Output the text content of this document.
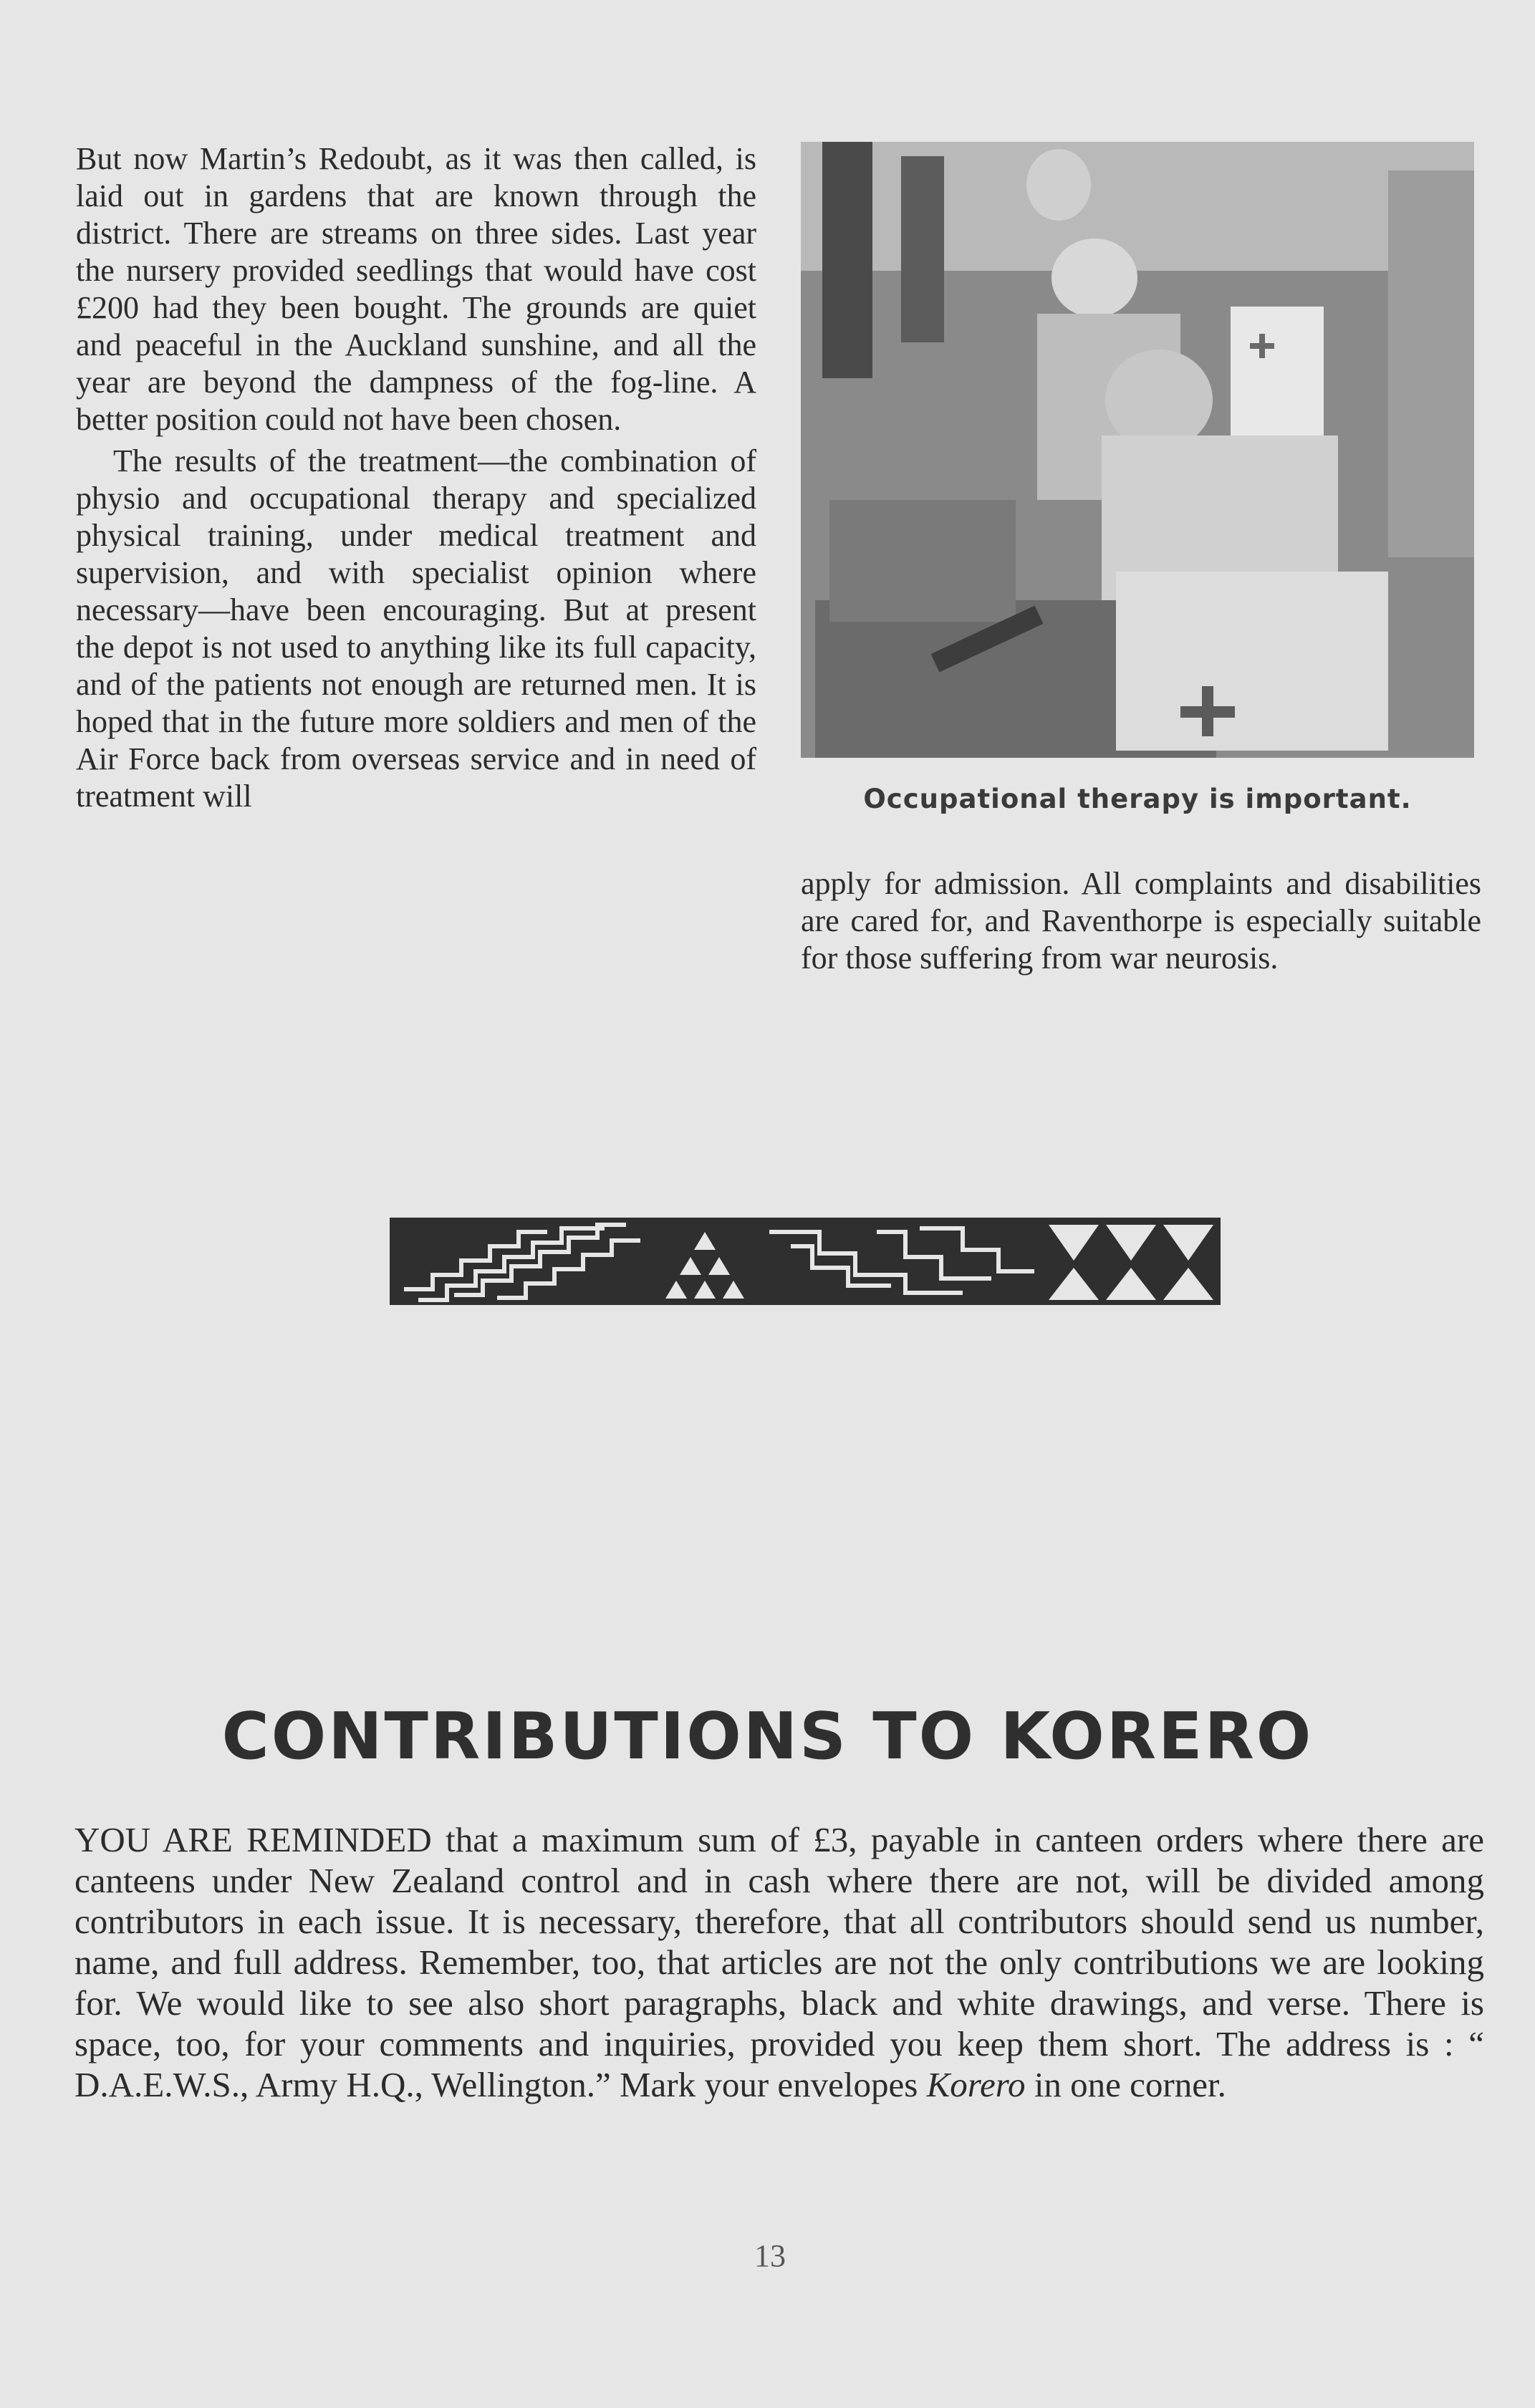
But now Martin’s Redoubt, as it was then called, is laid out in gardens that are known through the district. There are streams on three sides. Last year the nursery provided seedlings that would have cost £200 had they been bought. The grounds are quiet and peaceful in the Auckland sunshine, and all the year are beyond the dampness of the fog-line. A better position could not have been chosen.

The results of the treatment—the combination of physio and occupational therapy and specialized physical training, under medical treatment and supervision, and with specialist opinion where necessary—have been encouraging. But at present the depot is not used to anything like its full capacity, and of the patients not enough are returned men. It is hoped that in the future more soldiers and men of the Air Force back from overseas service and in need of treatment will	Occupational therapy is important.

apply for admission. All complaints and disabilities are cared for, and Raventhorpe is especially suitable for those suffering from war neurosis.

CONTRIBUTIONS TO KORERO

YOU ARE REMINDED that a maximum sum of £3, payable in canteen orders where there are canteens under New Zealand control and in cash where there are not, will be divided among contributors in each issue. It is necessary, therefore, that all contributors should send us number, name, and full address. Remember, too, that articles are not the only contributions we are looking for. We would like to see also short paragraphs, black and white drawings, and verse. There is space, too, for your comments and inquiries, provided you keep them short. The address is : “ D.A.E.W.S., Army H.Q., Wellington.” Mark your envelopes Korero in one corner.

13
